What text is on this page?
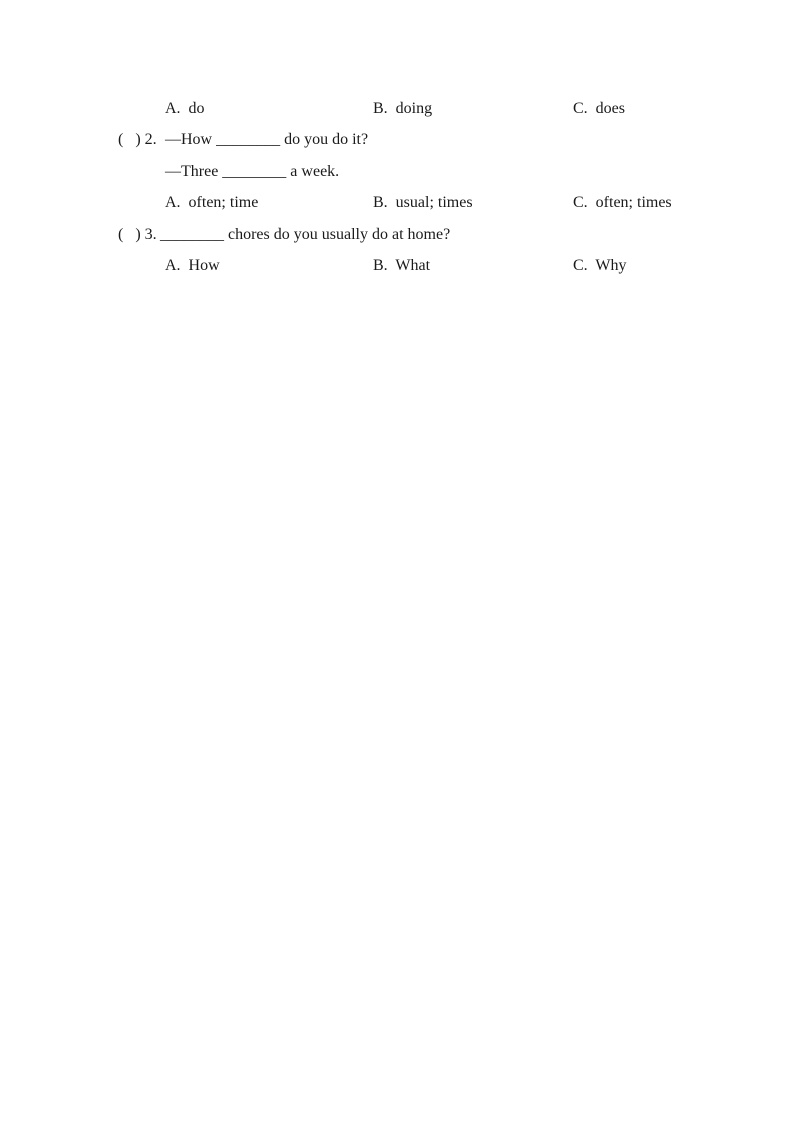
A.  do	B.  doing	C.  does
(   ) 2. —How ________ do you do it?
—Three ________ a week.
A.  often; time	B.  usual; times	C.  often; times
(   ) 3. ________ chores do you usually do at home?
A.  How	B.  What	C.  Why
